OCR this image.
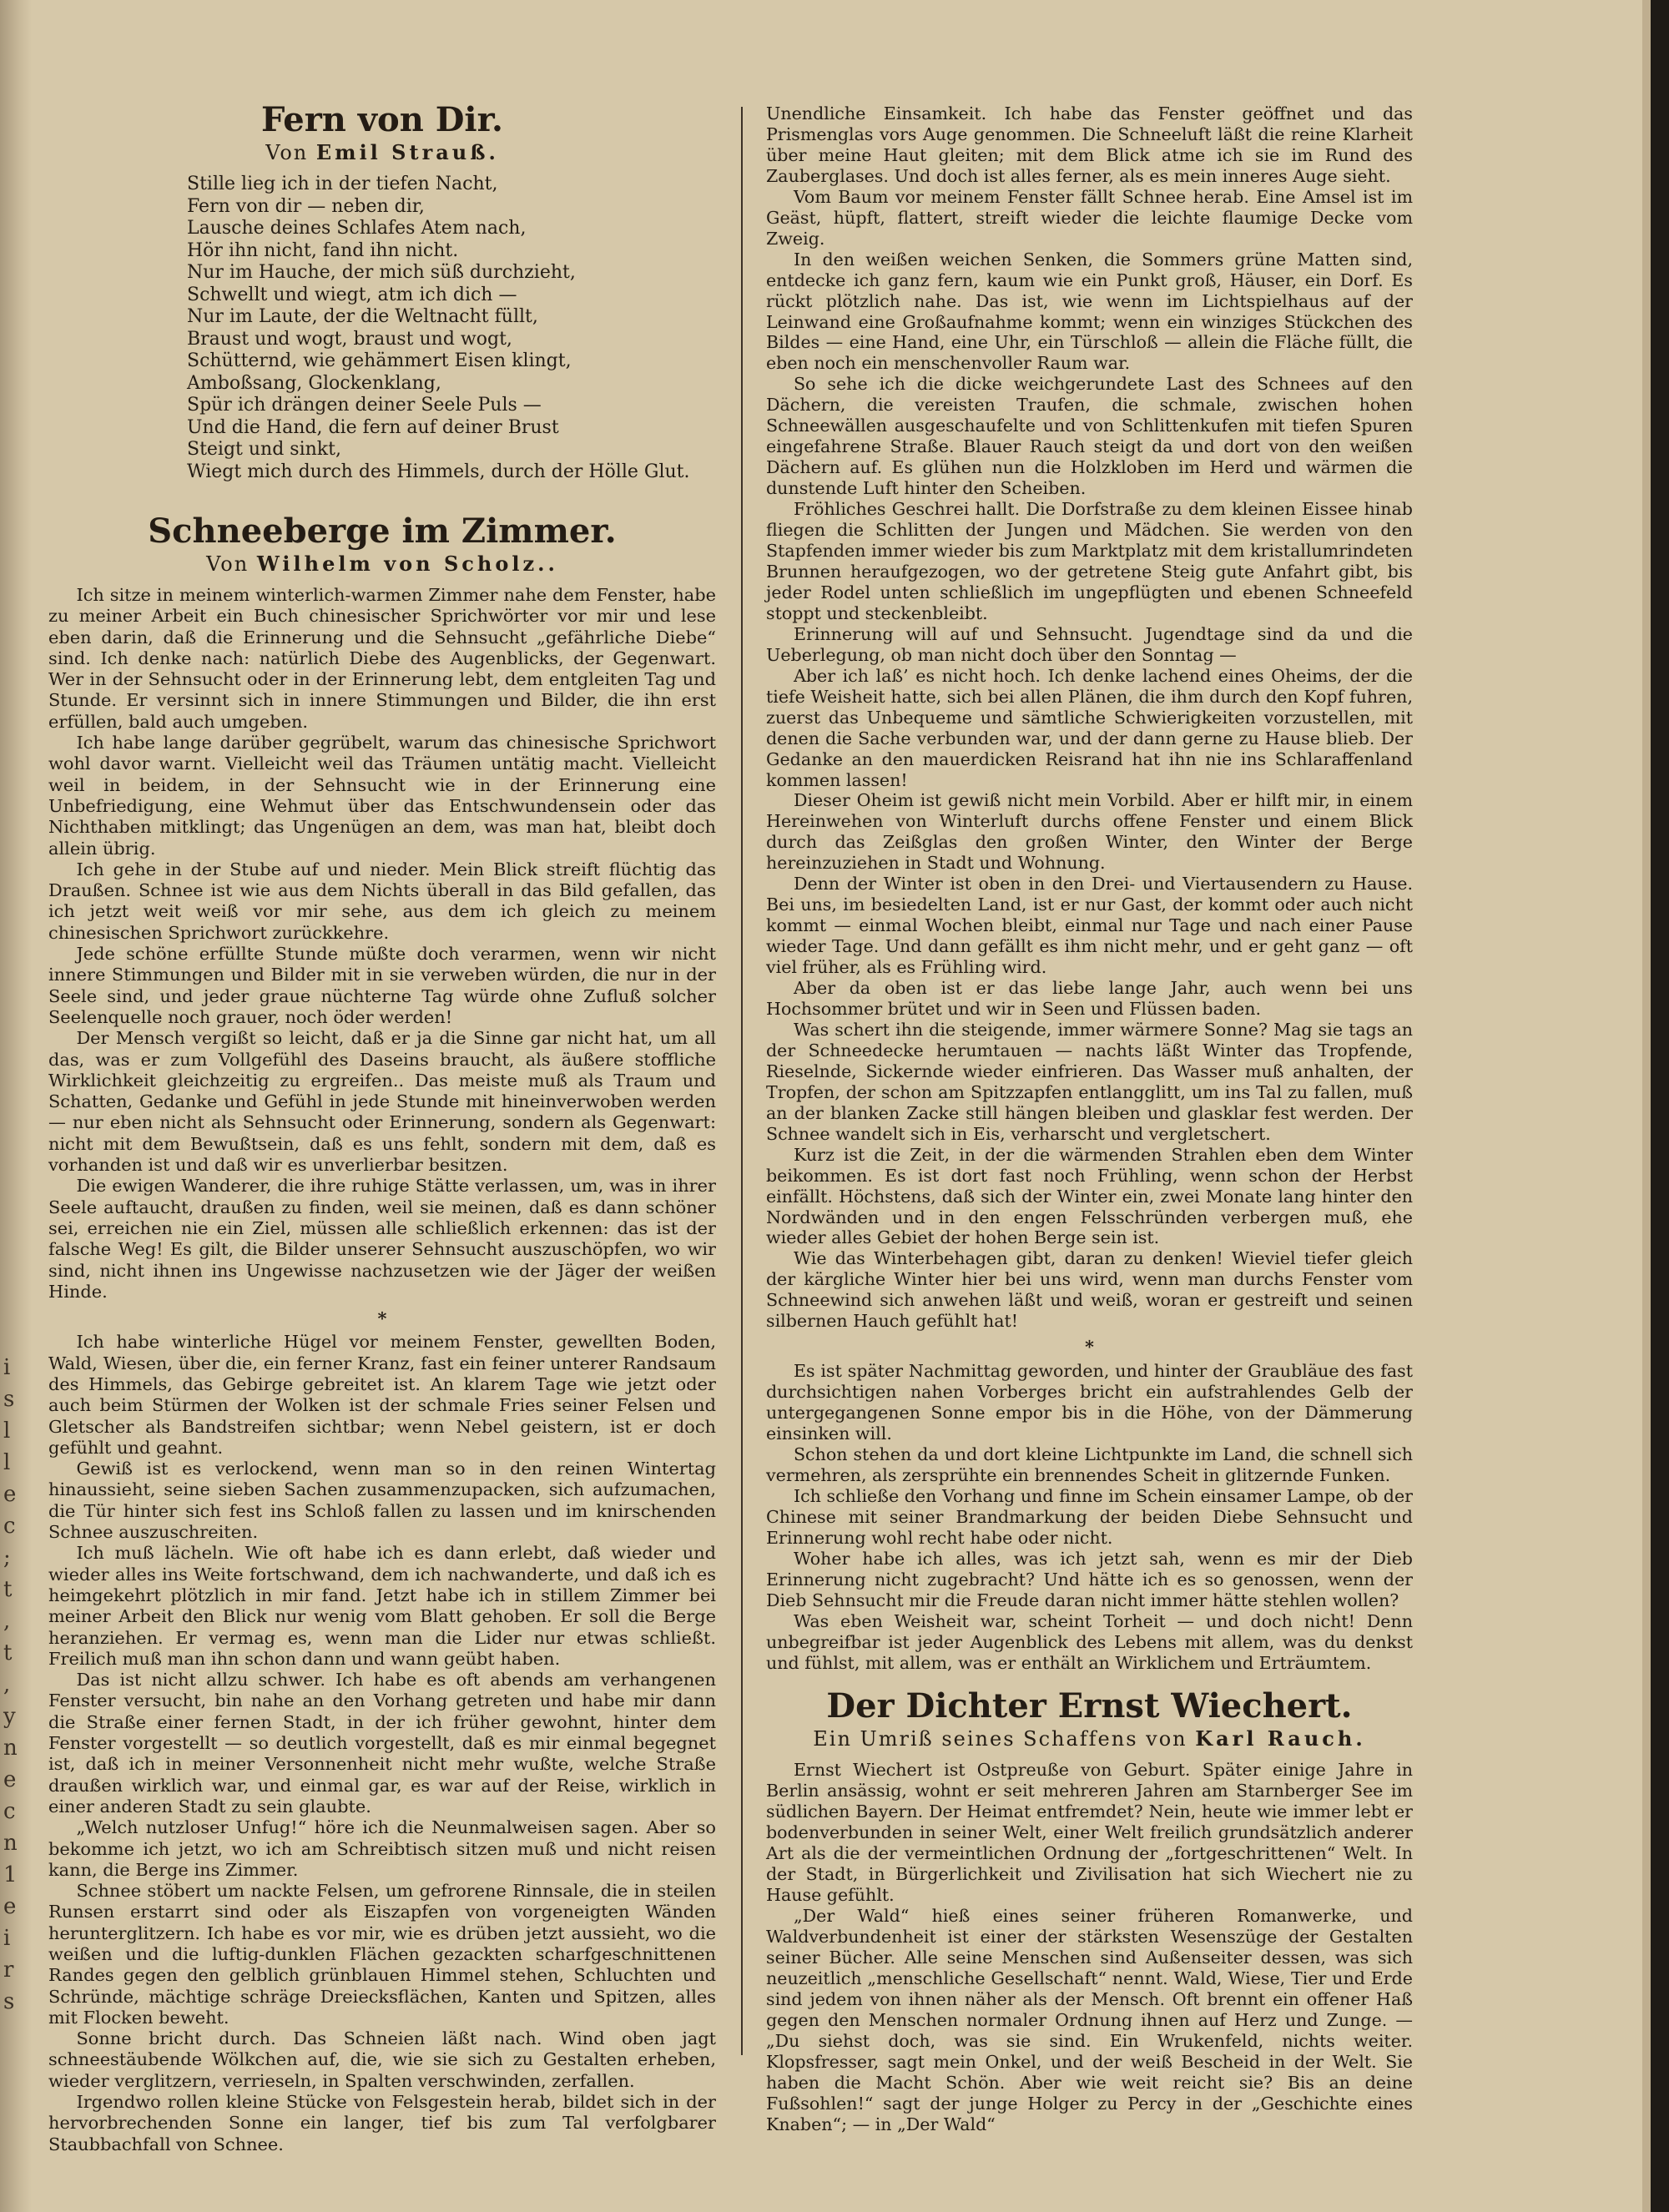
i
s
l
l
e
c
;
t
,
t
,
y
n
e
c
n
1
e
i
r
s
Fern von Dir.
Von Emil Strauß.
Stille lieg ich in der tiefen Nacht,
Fern von dir — neben dir,
Lausche deines Schlafes Atem nach,
Hör ihn nicht, fand ihn nicht.
Nur im Hauche, der mich süß durchzieht,
Schwellt und wiegt, atm ich dich —
Nur im Laute, der die Weltnacht füllt,
Braust und wogt, braust und wogt,
Schütternd, wie gehämmert Eisen klingt,
Amboßsang, Glockenklang,
Spür ich drängen deiner Seele Puls —
Und die Hand, die fern auf deiner Brust
Steigt und sinkt,
Wiegt mich durch des Himmels, durch der Hölle Glut.
Schneeberge im Zimmer.
Von Wilhelm von Scholz..

Ich sitze in meinem winterlich-warmen Zimmer nahe dem Fenster, habe zu meiner Arbeit ein Buch chinesischer Sprichwörter vor mir und lese eben darin, daß die Erinnerung und die Sehnsucht „gefährliche Diebe“ sind. Ich denke nach: natürlich Diebe des Augenblicks, der Gegenwart. Wer in der Sehnsucht oder in der Erinnerung lebt, dem entgleiten Tag und Stunde. Er versinnt sich in innere Stimmungen und Bilder, die ihn erst erfüllen, bald auch umgeben.

Ich habe lange darüber gegrübelt, warum das chinesische Sprichwort wohl davor warnt. Vielleicht weil das Träumen untätig macht. Vielleicht weil in beidem, in der Sehnsucht wie in der Erinnerung eine Unbefriedigung, eine Wehmut über das Entschwundensein oder das Nichthaben mitklingt; das Ungenügen an dem, was man hat, bleibt doch allein übrig.

Ich gehe in der Stube auf und nieder. Mein Blick streift flüchtig das Draußen. Schnee ist wie aus dem Nichts überall in das Bild gefallen, das ich jetzt weit weiß vor mir sehe, aus dem ich gleich zu meinem chinesischen Sprichwort zurückkehre.

Jede schöne erfüllte Stunde müßte doch verarmen, wenn wir nicht innere Stimmungen und Bilder mit in sie verweben würden, die nur in der Seele sind, und jeder graue nüchterne Tag würde ohne Zufluß solcher Seelenquelle noch grauer, noch öder werden!

Der Mensch vergißt so leicht, daß er ja die Sinne gar nicht hat, um all das, was er zum Vollgefühl des Daseins braucht, als äußere stoffliche Wirklichkeit gleichzeitig zu ergreifen.. Das meiste muß als Traum und Schatten, Gedanke und Gefühl in jede Stunde mit hineinverwoben werden — nur eben nicht als Sehnsucht oder Erinnerung, sondern als Gegenwart: nicht mit dem Bewußtsein, daß es uns fehlt, sondern mit dem, daß es vorhanden ist und daß wir es unverlierbar besitzen.

Die ewigen Wanderer, die ihre ruhige Stätte verlassen, um, was in ihrer Seele auftaucht, draußen zu finden, weil sie meinen, daß es dann schöner sei, erreichen nie ein Ziel, müssen alle schließlich erkennen: das ist der falsche Weg! Es gilt, die Bilder unserer Sehnsucht auszuschöpfen, wo wir sind, nicht ihnen ins Ungewisse nachzusetzen wie der Jäger der weißen Hinde.

*

Ich habe winterliche Hügel vor meinem Fenster, gewellten Boden, Wald, Wiesen, über die, ein ferner Kranz, fast ein feiner unterer Randsaum des Himmels, das Gebirge gebreitet ist. An klarem Tage wie jetzt oder auch beim Stürmen der Wolken ist der schmale Fries seiner Felsen und Gletscher als Bandstreifen sichtbar; wenn Nebel geistern, ist er doch gefühlt und geahnt.

Gewiß ist es verlockend, wenn man so in den reinen Wintertag hinaussieht, seine sieben Sachen zusammenzupacken, sich aufzumachen, die Tür hinter sich fest ins Schloß fallen zu lassen und im knirschenden Schnee auszuschreiten.

Ich muß lächeln. Wie oft habe ich es dann erlebt, daß wieder und wieder alles ins Weite fortschwand, dem ich nachwanderte, und daß ich es heimgekehrt plötzlich in mir fand. Jetzt habe ich in stillem Zimmer bei meiner Arbeit den Blick nur wenig vom Blatt gehoben. Er soll die Berge heranziehen. Er vermag es, wenn man die Lider nur etwas schließt. Freilich muß man ihn schon dann und wann geübt haben.

Das ist nicht allzu schwer. Ich habe es oft abends am verhangenen Fenster versucht, bin nahe an den Vorhang getreten und habe mir dann die Straße einer fernen Stadt, in der ich früher gewohnt, hinter dem Fenster vorgestellt — so deutlich vorgestellt, daß es mir einmal begegnet ist, daß ich in meiner Versonnenheit nicht mehr wußte, welche Straße draußen wirklich war, und einmal gar, es war auf der Reise, wirklich in einer anderen Stadt zu sein glaubte.

„Welch nutzloser Unfug!“ höre ich die Neunmalweisen sagen. Aber so bekomme ich jetzt, wo ich am Schreibtisch sitzen muß und nicht reisen kann, die Berge ins Zimmer.

Schnee stöbert um nackte Felsen, um gefrorene Rinnsale, die in steilen Runsen erstarrt sind oder als Eiszapfen von vorgeneigten Wänden herunterglitzern. Ich habe es vor mir, wie es drüben jetzt aussieht, wo die weißen und die luftig-dunklen Flächen gezackten scharfgeschnittenen Randes gegen den gelblich grünblauen Himmel stehen, Schluchten und Schründe, mächtige schräge Dreiecksflächen, Kanten und Spitzen, alles mit Flocken beweht.

Sonne bricht durch. Das Schneien läßt nach. Wind oben jagt schneestäubende Wölkchen auf, die, wie sie sich zu Gestalten erheben, wieder verglitzern, verrieseln, in Spalten verschwinden, zerfallen.

Irgendwo rollen kleine Stücke von Felsgestein herab, bildet sich in der hervorbrechenden Sonne ein langer, tief bis zum Tal verfolgbarer Staubbachfall von Schnee.

Unendliche Einsamkeit. Ich habe das Fenster geöffnet und das Prismenglas vors Auge genommen. Die Schneeluft läßt die reine Klarheit über meine Haut gleiten; mit dem Blick atme ich sie im Rund des Zauberglases. Und doch ist alles ferner, als es mein inneres Auge sieht.

Vom Baum vor meinem Fenster fällt Schnee herab. Eine Amsel ist im Geäst, hüpft, flattert, streift wieder die leichte flaumige Decke vom Zweig.

In den weißen weichen Senken, die Sommers grüne Matten sind, entdecke ich ganz fern, kaum wie ein Punkt groß, Häuser, ein Dorf. Es rückt plötzlich nahe. Das ist, wie wenn im Lichtspielhaus auf der Leinwand eine Großaufnahme kommt; wenn ein winziges Stückchen des Bildes — eine Hand, eine Uhr, ein Türschloß — allein die Fläche füllt, die eben noch ein menschenvoller Raum war.

So sehe ich die dicke weichgerundete Last des Schnees auf den Dächern, die vereisten Traufen, die schmale, zwischen hohen Schneewällen ausgeschaufelte und von Schlittenkufen mit tiefen Spuren eingefahrene Straße. Blauer Rauch steigt da und dort von den weißen Dächern auf. Es glühen nun die Holzkloben im Herd und wärmen die dunstende Luft hinter den Scheiben.

Fröhliches Geschrei hallt. Die Dorfstraße zu dem kleinen Eissee hinab fliegen die Schlitten der Jungen und Mädchen. Sie werden von den Stapfenden immer wieder bis zum Marktplatz mit dem kristallumrindeten Brunnen heraufgezogen, wo der getretene Steig gute Anfahrt gibt, bis jeder Rodel unten schließlich im ungepflügten und ebenen Schneefeld stoppt und steckenbleibt.

Erinnerung will auf und Sehnsucht. Jugendtage sind da und die Ueberlegung, ob man nicht doch über den Sonntag —

Aber ich laß’ es nicht hoch. Ich denke lachend eines Oheims, der die tiefe Weisheit hatte, sich bei allen Plänen, die ihm durch den Kopf fuhren, zuerst das Unbequeme und sämtliche Schwierigkeiten vorzustellen, mit denen die Sache verbunden war, und der dann gerne zu Hause blieb. Der Gedanke an den mauerdicken Reisrand hat ihn nie ins Schlaraffenland kommen lassen!

Dieser Oheim ist gewiß nicht mein Vorbild. Aber er hilft mir, in einem Hereinwehen von Winterluft durchs offene Fenster und einem Blick durch das Zeißglas den großen Winter, den Winter der Berge hereinzuziehen in Stadt und Wohnung.

Denn der Winter ist oben in den Drei- und Viertausendern zu Hause. Bei uns, im besiedelten Land, ist er nur Gast, der kommt oder auch nicht kommt — einmal Wochen bleibt, einmal nur Tage und nach einer Pause wieder Tage. Und dann gefällt es ihm nicht mehr, und er geht ganz — oft viel früher, als es Frühling wird.

Aber da oben ist er das liebe lange Jahr, auch wenn bei uns Hochsommer brütet und wir in Seen und Flüssen baden.

Was schert ihn die steigende, immer wärmere Sonne? Mag sie tags an der Schneedecke herumtauen — nachts läßt Winter das Tropfende, Rieselnde, Sickernde wieder einfrieren. Das Wasser muß anhalten, der Tropfen, der schon am Spitzzapfen entlangglitt, um ins Tal zu fallen, muß an der blanken Zacke still hängen bleiben und glasklar fest werden. Der Schnee wandelt sich in Eis, verharscht und vergletschert.

Kurz ist die Zeit, in der die wärmenden Strahlen eben dem Winter beikommen. Es ist dort fast noch Frühling, wenn schon der Herbst einfällt. Höchstens, daß sich der Winter ein, zwei Monate lang hinter den Nordwänden und in den engen Felsschründen verbergen muß, ehe wieder alles Gebiet der hohen Berge sein ist.

Wie das Winterbehagen gibt, daran zu denken! Wieviel tiefer gleich der kärgliche Winter hier bei uns wird, wenn man durchs Fenster vom Schneewind sich anwehen läßt und weiß, woran er gestreift und seinen silbernen Hauch gefühlt hat!

*

Es ist später Nachmittag geworden, und hinter der Graubläue des fast durchsichtigen nahen Vorberges bricht ein aufstrahlendes Gelb der untergegangenen Sonne empor bis in die Höhe, von der Dämmerung einsinken will.

Schon stehen da und dort kleine Lichtpunkte im Land, die schnell sich vermehren, als zersprühte ein brennendes Scheit in glitzernde Funken.

Ich schließe den Vorhang und finne im Schein einsamer Lampe, ob der Chinese mit seiner Brandmarkung der beiden Diebe Sehnsucht und Erinnerung wohl recht habe oder nicht.

Woher habe ich alles, was ich jetzt sah, wenn es mir der Dieb Erinnerung nicht zugebracht? Und hätte ich es so genossen, wenn der Dieb Sehnsucht mir die Freude daran nicht immer hätte stehlen wollen?

Was eben Weisheit war, scheint Torheit — und doch nicht! Denn unbegreifbar ist jeder Augenblick des Lebens mit allem, was du denkst und fühlst, mit allem, was er enthält an Wirklichem und Erträumtem.

Der Dichter Ernst Wiechert.
Ein Umriß seines Schaffens von Karl Rauch.

Ernst Wiechert ist Ostpreuße von Geburt. Später einige Jahre in Berlin ansässig, wohnt er seit mehreren Jahren am Starnberger See im südlichen Bayern. Der Heimat entfremdet? Nein, heute wie immer lebt er bodenverbunden in seiner Welt, einer Welt freilich grundsätzlich anderer Art als die der vermeintlichen Ordnung der „fortgeschrittenen“ Welt. In der Stadt, in Bürgerlichkeit und Zivilisation hat sich Wiechert nie zu Hause gefühlt.

„Der Wald“ hieß eines seiner früheren Romanwerke, und Waldverbundenheit ist einer der stärksten Wesenszüge der Gestalten seiner Bücher. Alle seine Menschen sind Außenseiter dessen, was sich neuzeitlich „menschliche Gesellschaft“ nennt. Wald, Wiese, Tier und Erde sind jedem von ihnen näher als der Mensch. Oft brennt ein offener Haß gegen den Menschen normaler Ordnung ihnen auf Herz und Zunge. — „Du siehst doch, was sie sind. Ein Wrukenfeld, nichts weiter. Klopsfresser, sagt mein Onkel, und der weiß Bescheid in der Welt. Sie haben die Macht Schön. Aber wie weit reicht sie? Bis an deine Fußsohlen!“ sagt der junge Holger zu Percy in der „Geschichte eines Knaben“; — in „Der Wald“
